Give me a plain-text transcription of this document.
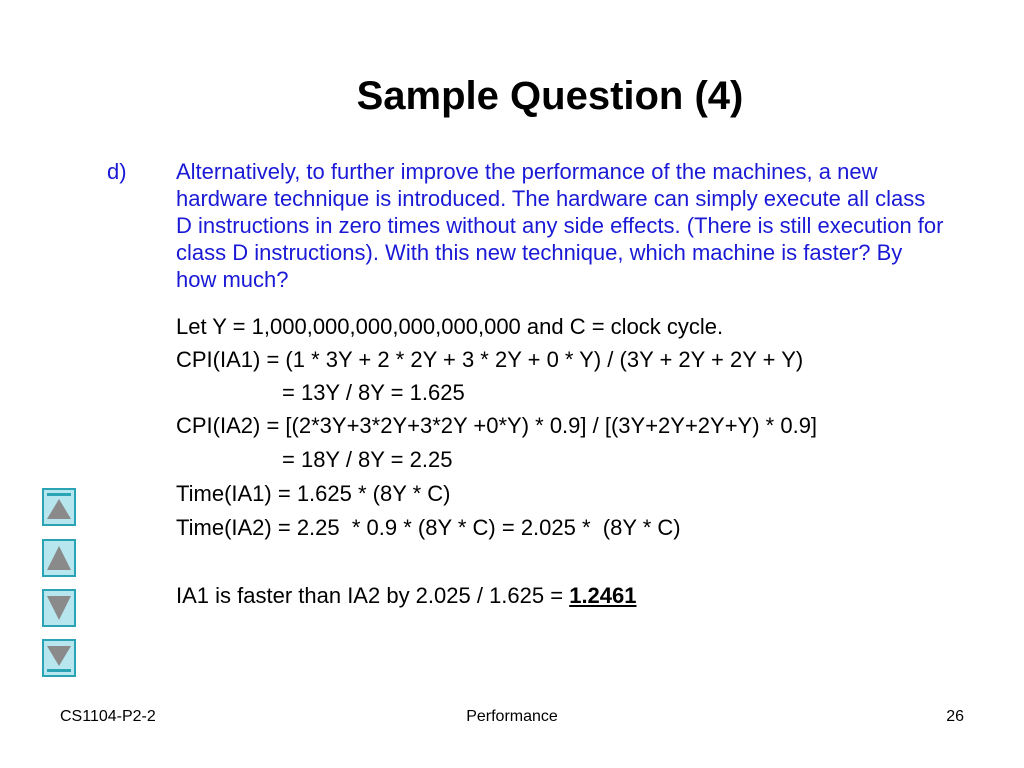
Sample Question (4)
d) Alternatively, to further improve the performance of the machines, a new hardware technique is introduced. The hardware can simply execute all class D instructions in zero times without any side effects. (There is still execution for class D instructions). With this new technique, which machine is faster? By how much?
Let Y = 1,000,000,000,000,000,000 and C = clock cycle.
CPI(IA1) = (1 * 3Y + 2 * 2Y + 3 * 2Y + 0 * Y) / (3Y + 2Y + 2Y + Y)
= 13Y / 8Y = 1.625
CPI(IA2) = [(2*3Y+3*2Y+3*2Y +0*Y) * 0.9] / [(3Y+2Y+2Y+Y) * 0.9]
= 18Y / 8Y = 2.25
Time(IA1) = 1.625 * (8Y * C)
Time(IA2) = 2.25  * 0.9 * (8Y * C) = 2.025 *  (8Y * C)
IA1 is faster than IA2 by 2.025 / 1.625 = 1.2461
CS1104-P2-2	Performance	26
